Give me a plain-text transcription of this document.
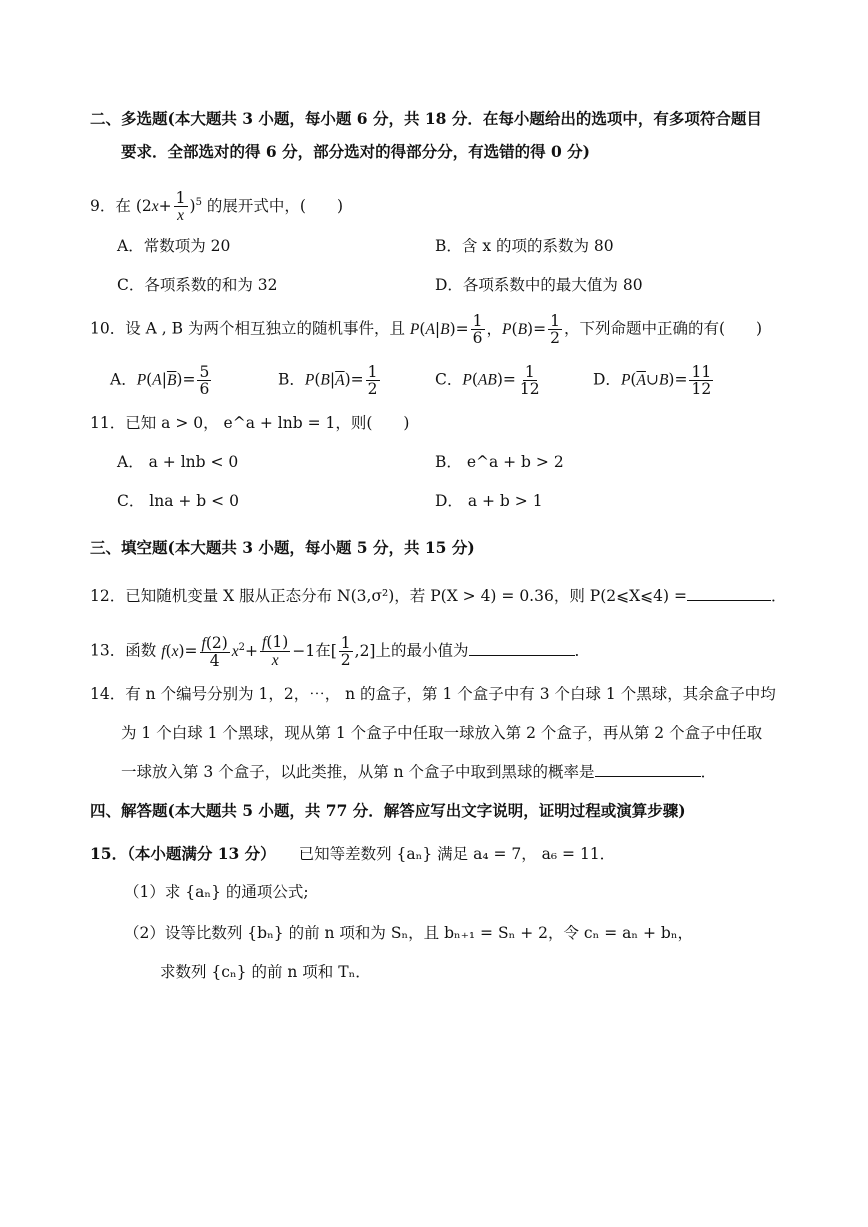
二、多选题(本大题共 3 小题，每小题 6 分，共 18 分．在每小题给出的选项中，有多项符合题目
要求．全部选对的得 6 分，部分选对的得部分分，有选错的得 0 分)
9．在 $(2x+ \frac{1}{x} )^5$ 的展开式中，(　　)
A．常数项为 20	B．含 x 的项的系数为 80
C．各项系数的和为 32	D．各项系数中的最大值为 80
10．设 A , B 为两个相互独立的随机事件，且 $P(A|B)= \frac{1}{6}$ ，$P(B)= \frac{1}{2}$ ，下列命题中正确的有(　　)
A．$P(A|\overline{B})= \frac{5}{6}$	B．$P(B|\overline{A})= \frac{1}{2}$	C．$P(AB)= \frac{1}{12}$	D．$P(\overline{A}\cup B)= \frac{11}{12}$
11．已知 a > 0， e^a + lnb = 1，则(　　)
A． a + lnb < 0	B． e^a + b > 2
C． lna + b < 0	D． a + b > 1
三、填空题(本大题共 3 小题，每小题 5 分，共 15 分)
12．已知随机变量 X 服从正态分布 N(3,σ²)，若 P(X > 4) = 0.36，则 P(2⩽X⩽4) =	．
13．函数 $f(x)= \frac{f(2)}{4} x^2+ \frac{f(1)}{x} -1$在[ $\frac{1}{2} ,2$]上的最小值为	．
14．有 n 个编号分别为 1，2，⋯， n 的盒子，第 1 个盒子中有 3 个白球 1 个黑球，其余盒子中均
为 1 个白球 1 个黑球，现从第 1 个盒子中任取一球放入第 2 个盒子，再从第 2 个盒子中任取
一球放入第 3 个盒子，以此类推，从第 n 个盒子中取到黑球的概率是	．
四、解答题(本大题共 5 小题，共 77 分．解答应写出文字说明，证明过程或演算步骤)
15．（本小题满分 13 分） 已知等差数列 {aₙ} 满足 a₄ = 7， a₆ = 11．
（1）求 {aₙ} 的通项公式;
（2）设等比数列 {bₙ} 的前 n 项和为 Sₙ，且 bₙ₊₁ = Sₙ + 2，令 cₙ = aₙ + bₙ，
求数列 {cₙ} 的前 n 项和 Tₙ．
